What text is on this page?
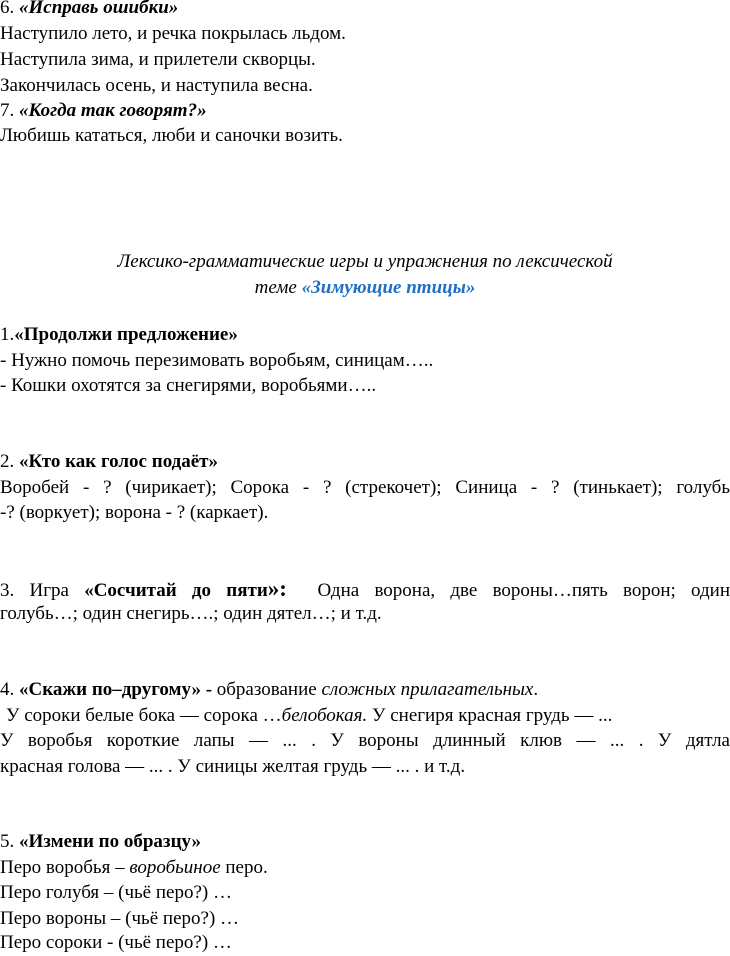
6. «Исправь ошибки»
Наступило лето, и речка покрылась льдом.
Наступила зима, и прилетели скворцы.
Закончилась осень, и наступила весна.
7. «Когда так говорят?»
Любишь кататься, люби и саночки возить.
Лексико-грамматические игры и упражнения по лексической
теме «Зимующие птицы»
1.«Продолжи предложение»
- Нужно помочь перезимовать воробьям, синицам…..
- Кошки охотятся за снегирями, воробьями…..
2. «Кто как голос подаёт»
Воробей - ? (чирикает); Сорока - ? (стрекочет); Синица - ? (тинькает); голубь
-? (воркует); ворона - ? (каркает).
3. Игра «Сосчитай до пяти»: Одна ворона, две вороны…пять ворон; один
голубь…; один снегирь….; один дятел…; и т.д.
4. «Скажи по–другому» - образование сложных прилагательных.
У сороки белые бока — сорока …белобокая. У снегиря красная грудь — ...
У воробья короткие лапы — ... . У вороны длинный клюв — ... . У дятла
красная голова — ... . У синицы желтая грудь — ... . и т.д.
5. «Измени по образцу»
Перо воробья – воробьиное перо.
Перо голубя – (чьё перо?) …
Перо вороны – (чьё перо?) …
Перо сороки - (чьё перо?) …
